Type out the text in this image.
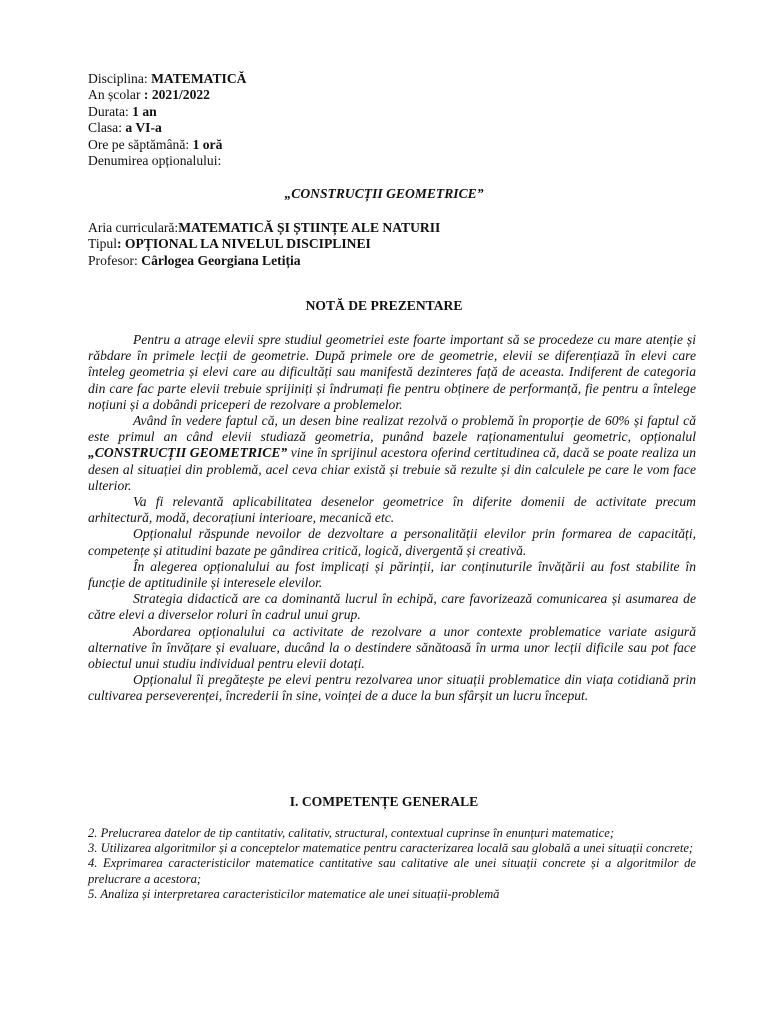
Disciplina: MATEMATICĂ
An școlar : 2021/2022
Durata: 1 an
Clasa: a VI-a
Ore pe săptămână: 1 oră
Denumirea opționalului:
„CONSTRUCȚII GEOMETRICE”
Aria curriculară:MATEMATICĂ ȘI ȘTIINȚE ALE NATURII
Tipul: OPȚIONAL LA NIVELUL DISCIPLINEI
Profesor: Cârlogea Georgiana Letiția
NOTĂ DE PREZENTARE

Pentru a atrage elevii spre studiul geometriei este foarte important să se procedeze cu mare atenție și răbdare în primele lecții de geometrie. După primele ore de geometrie, elevii se diferențiază în elevi care înteleg geometria și elevi care au dificultăți sau manifestă dezinteres față de aceasta. Indiferent de categoria din care fac parte elevii trebuie sprijiniți și îndrumați fie pentru obținere de performanță, fie pentru a întelege noțiuni și a dobândi priceperi de rezolvare a problemelor.

Având în vedere faptul că, un desen bine realizat rezolvă o problemă în proporție de 60% și faptul că este primul an când elevii studiază geometria, punând bazele raționamentului geometric, opționalul „CONSTRUCȚII GEOMETRICE” vine în sprijinul acestora oferind certitudinea că, dacă se poate realiza un desen al situației din problemă, acel ceva chiar există și trebuie să rezulte și din calculele pe care le vom face ulterior.

Va fi relevantă aplicabilitatea desenelor geometrice în diferite domenii de activitate precum arhitectură, modă, decorațiuni interioare, mecanică etc.

Opționalul răspunde nevoilor de dezvoltare a personalității elevilor prin formarea de capacități, competențe și atitudini bazate pe gândirea critică, logică, divergentă și creativă.

În alegerea opționalului au fost implicați și părinții, iar conținuturile învățării au fost stabilite în funcție de aptitudinile și interesele elevilor.

Strategia didactică are ca dominantă lucrul în echipă, care favorizează comunicarea și asumarea de către elevi a diverselor roluri în cadrul unui grup.

Abordarea opționalului ca activitate de rezolvare a unor contexte problematice variate asigură alternative în învățare și evaluare, ducând la o destindere sănătoasă în urma unor lecții dificile sau pot face obiectul unui studiu individual pentru elevii dotați.

Opționalul îi pregătește pe elevi pentru rezolvarea unor situații problematice din viața cotidiană prin cultivarea perseverenței, încrederii în sine, voinței de a duce la bun sfârșit un lucru început.

I. COMPETENȚE GENERALE
2. Prelucrarea datelor de tip cantitativ, calitativ, structural, contextual cuprinse în enunțuri matematice;
3. Utilizarea algoritmilor și a conceptelor matematice pentru caracterizarea locală sau globală a unei situații concrete;
4. Exprimarea caracteristicilor matematice cantitative sau calitative ale unei situații concrete și a algoritmilor de prelucrare a acestora;
5. Analiza și interpretarea caracteristicilor matematice ale unei situații-problemă
